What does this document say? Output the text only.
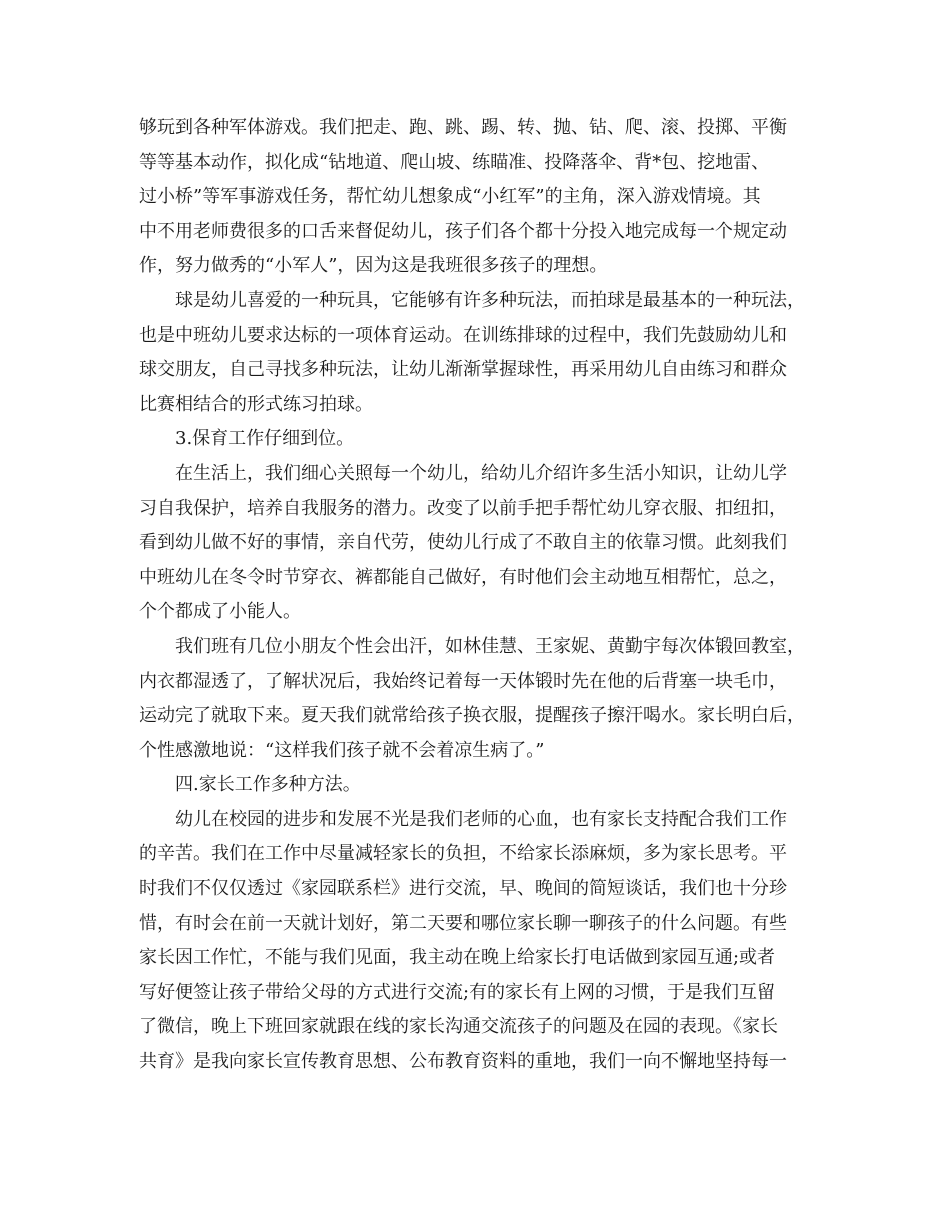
够玩到各种军体游戏。我们把走、跑、跳、踢、转、抛、钻、爬、滚、投掷、平衡
等等基本动作，拟化成“钻地道、爬山坡、练瞄准、投降落伞、背*包、挖地雷、
过小桥”等军事游戏任务，帮忙幼儿想象成“小红军”的主角，深入游戏情境。其
中不用老师费很多的口舌来督促幼儿，孩子们各个都十分投入地完成每一个规定动
作，努力做秀的“小军人”，因为这是我班很多孩子的理想。
球是幼儿喜爱的一种玩具，它能够有许多种玩法，而拍球是最基本的一种玩法，
也是中班幼儿要求达标的一项体育运动。在训练排球的过程中，我们先鼓励幼儿和
球交朋友，自己寻找多种玩法，让幼儿渐渐掌握球性，再采用幼儿自由练习和群众
比赛相结合的形式练习拍球。
3.保育工作仔细到位。
在生活上，我们细心关照每一个幼儿，给幼儿介绍许多生活小知识，让幼儿学
习自我保护，培养自我服务的潜力。改变了以前手把手帮忙幼儿穿衣服、扣纽扣，
看到幼儿做不好的事情，亲自代劳，使幼儿行成了不敢自主的依靠习惯。此刻我们
中班幼儿在冬令时节穿衣、裤都能自己做好，有时他们会主动地互相帮忙，总之，
个个都成了小能人。
我们班有几位小朋友个性会出汗，如林佳慧、王家妮、黄勤宇每次体锻回教室，
内衣都湿透了，了解状况后，我始终记着每一天体锻时先在他的后背塞一块毛巾，
运动完了就取下来。夏天我们就常给孩子换衣服，提醒孩子擦汗喝水。家长明白后，
个性感激地说：“这样我们孩子就不会着凉生病了。”
四.家长工作多种方法。
幼儿在校园的进步和发展不光是我们老师的心血，也有家长支持配合我们工作
的辛苦。我们在工作中尽量减轻家长的负担，不给家长添麻烦，多为家长思考。平
时我们不仅仅透过《家园联系栏》进行交流，早、晚间的简短谈话，我们也十分珍
惜，有时会在前一天就计划好，第二天要和哪位家长聊一聊孩子的什么问题。有些
家长因工作忙，不能与我们见面，我主动在晚上给家长打电话做到家园互通;或者
写好便签让孩子带给父母的方式进行交流;有的家长有上网的习惯，于是我们互留
了微信，晚上下班回家就跟在线的家长沟通交流孩子的问题及在园的表现。《家长
共育》是我向家长宣传教育思想、公布教育资料的重地，我们一向不懈地坚持每一
